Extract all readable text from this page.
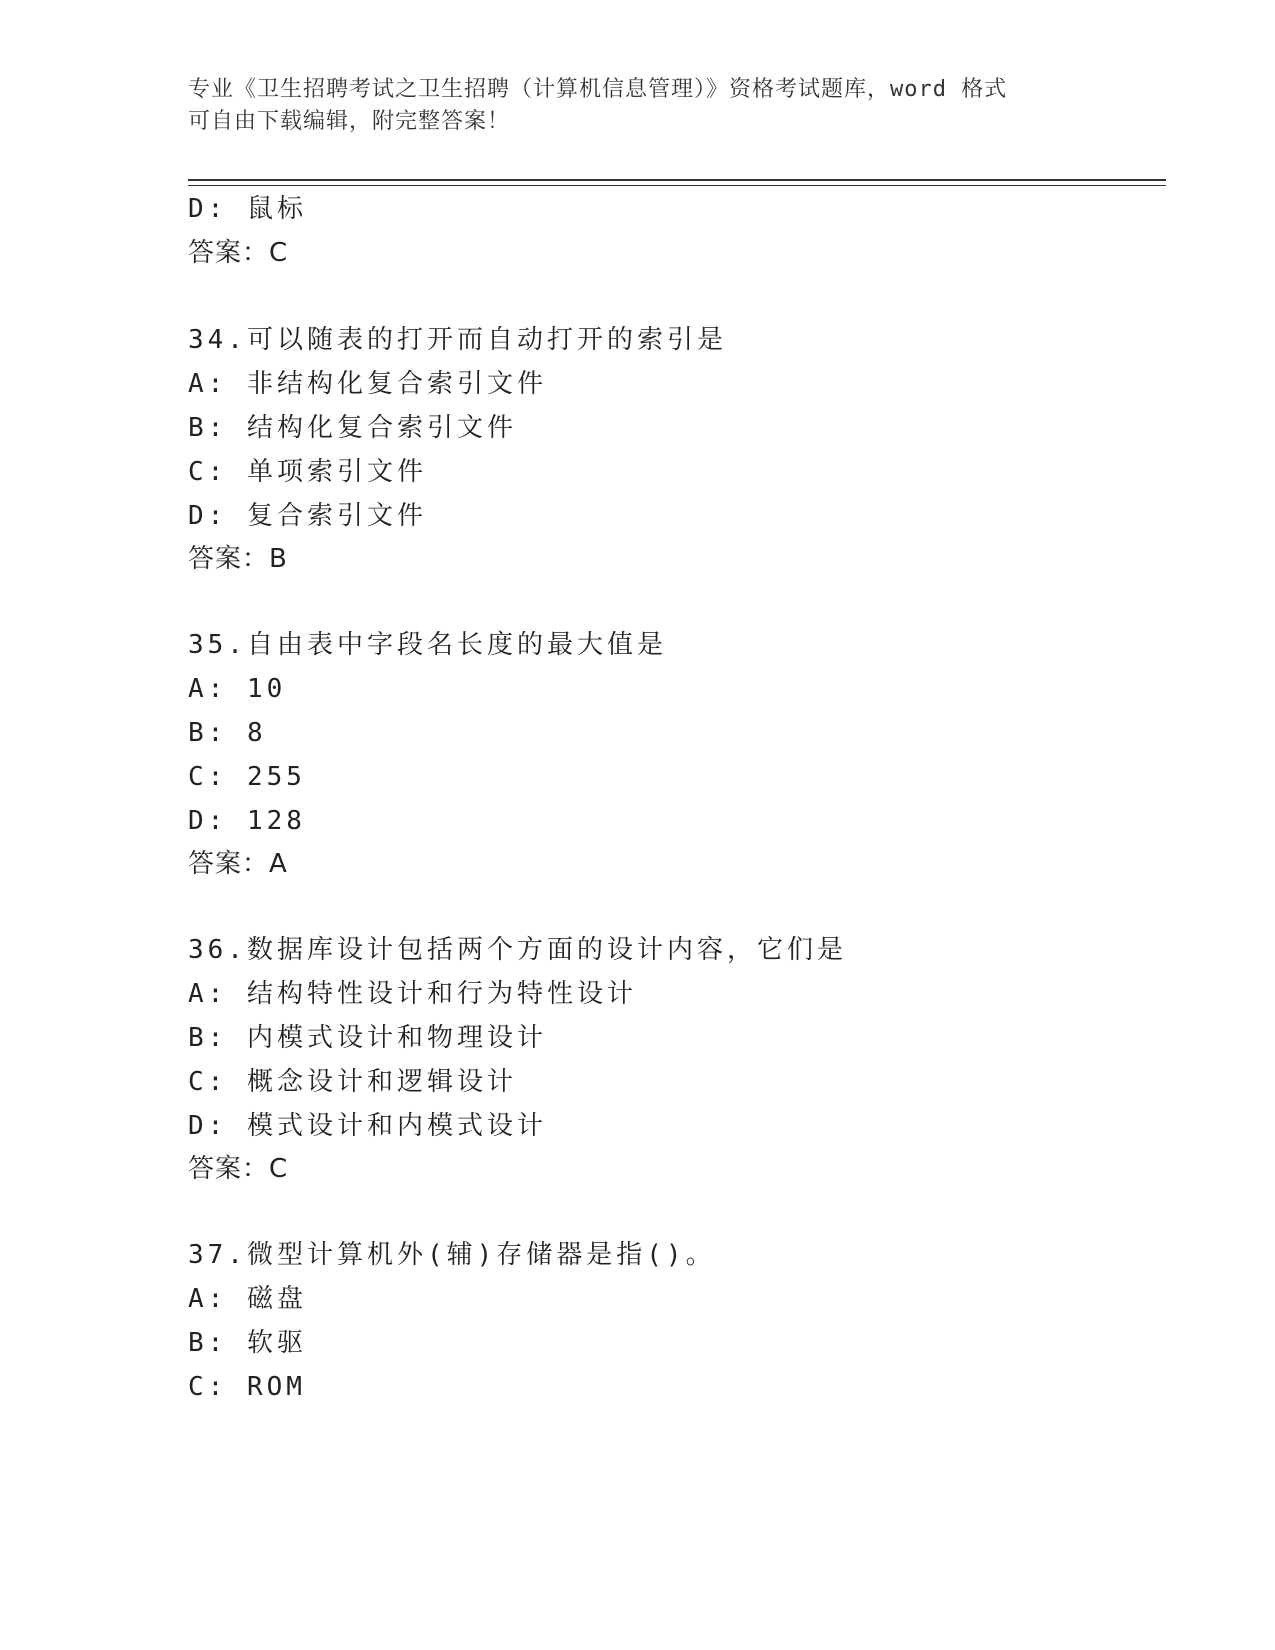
专业《卫生招聘考试之卫生招聘（计算机信息管理）》资格考试题库，word 格式
可自由下载编辑，附完整答案！
D: 鼠标
答案：C
34.可以随表的打开而自动打开的索引是
A: 非结构化复合索引文件
B: 结构化复合索引文件
C: 单项索引文件
D: 复合索引文件
答案：B
35.自由表中字段名长度的最大值是
A: 10
B: 8
C: 255
D: 128
答案：A
36.数据库设计包括两个方面的设计内容，它们是
A: 结构特性设计和行为特性设计
B: 内模式设计和物理设计
C: 概念设计和逻辑设计
D: 模式设计和内模式设计
答案：C
37.微型计算机外(辅)存储器是指()。
A: 磁盘
B: 软驱
C: ROM
